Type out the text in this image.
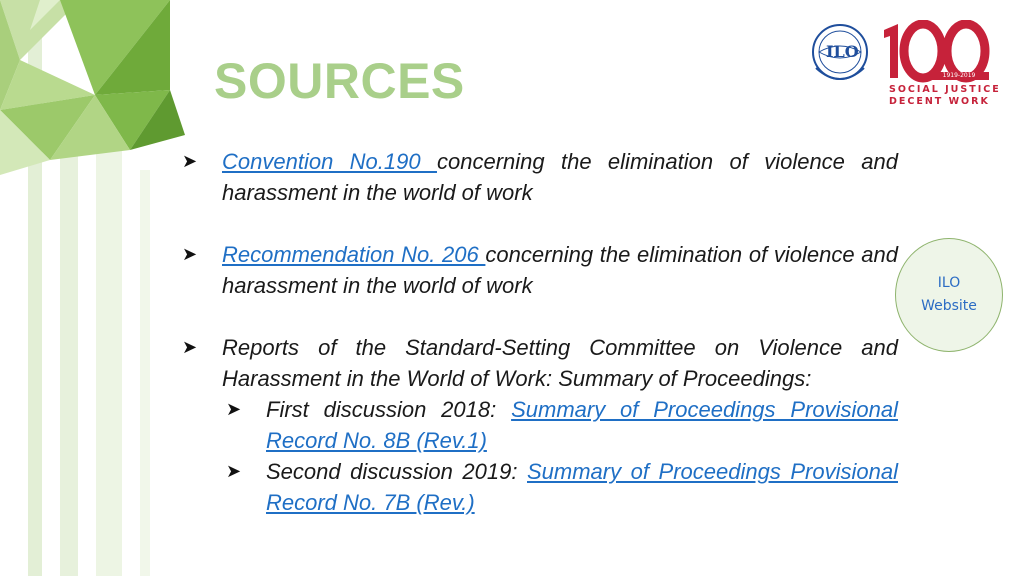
SOURCES
ILO
1919-2019
SOCIAL JUSTICE
DECENT WORK
➤ Convention No.190 concerning the elimination of violence and harassment in the world of work
➤ Recommendation No. 206 concerning the elimination of violence and harassment in the world of work
➤ Reports of the Standard-Setting Committee on Violence and Harassment in the World of Work: Summary of Proceedings:
➤ First discussion 2018: Summary of Proceedings Provisional Record No. 8B (Rev.1)
➤ Second discussion 2019: Summary of Proceedings Provisional Record No. 7B (Rev.)
ILO
Website
